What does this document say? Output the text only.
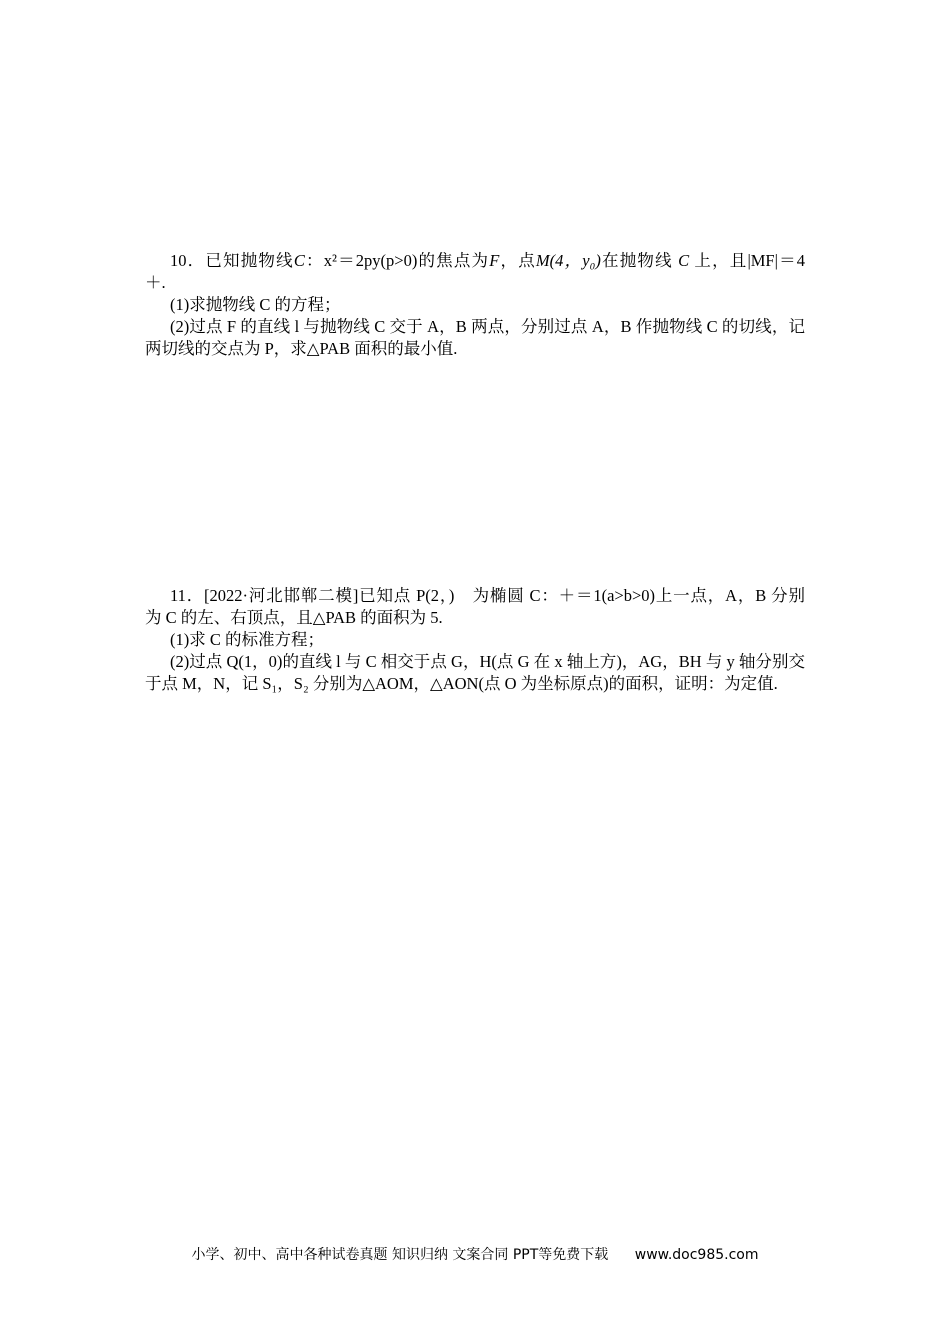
10．已知抛物线C：x²＝2py(p>0)的焦点为F，点M(4，y₀)在抛物线 C 上，且|MF|＝4
＋.
(1)求抛物线 C 的方程；
(2)过点 F 的直线 l 与抛物线 C 交于 A，B 两点，分别过点 A，B 作抛物线 C 的切线，记
两切线的交点为 P，求△PAB 面积的最小值.
11．[2022·河北邯郸二模]已知点 P(2，)　为椭圆 C：＋＝1(a>b>0)上一点，A，B 分别
为 C 的左、右顶点，且△PAB 的面积为 5.
(1)求 C 的标准方程；
(2)过点 Q(1，0)的直线 l 与 C 相交于点 G，H(点 G 在 x 轴上方)，AG，BH 与 y 轴分别交
于点 M，N，记 S₁，S₂ 分别为△AOM，△AON(点 O 为坐标原点)的面积，证明：为定值.
小学、初中、高中各种试卷真题 知识归纳 文案合同 PPT等免费下载 www.doc985.com
